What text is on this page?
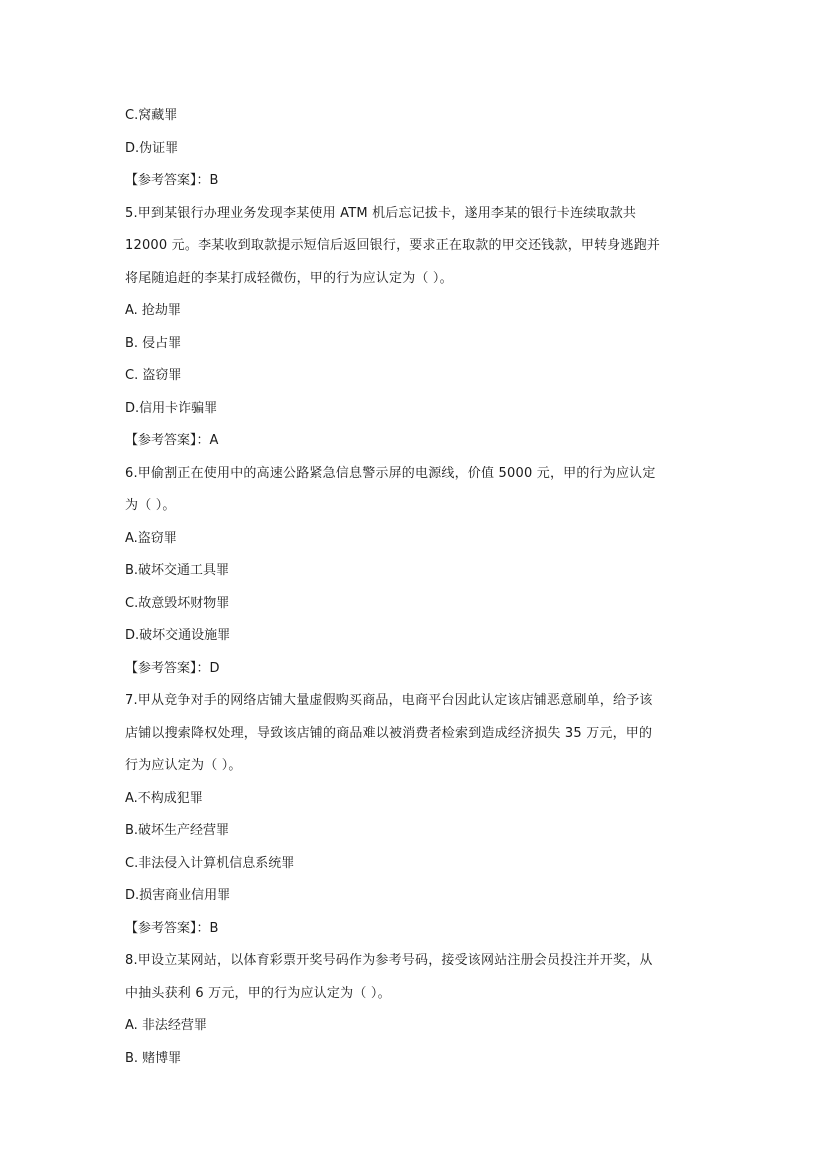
C.窝藏罪
D.伪证罪
【参考答案】：B
5.甲到某银行办理业务发现李某使用 ATM 机后忘记拔卡，遂用李某的银行卡连续取款共
12000 元。李某收到取款提示短信后返回银行，要求正在取款的甲交还钱款，甲转身逃跑并
将尾随追赶的李某打成轻微伤，甲的行为应认定为（ ）。
A. 抢劫罪
B. 侵占罪
C. 盗窃罪
D.信用卡诈骗罪
【参考答案】：A
6.甲偷割正在使用中的高速公路紧急信息警示屏的电源线，价值 5000 元，甲的行为应认定
为（ ）。
A.盗窃罪
B.破坏交通工具罪
C.故意毁坏财物罪
D.破坏交通设施罪
【参考答案】：D
7.甲从竞争对手的网络店铺大量虚假购买商品，电商平台因此认定该店铺恶意刷单，给予该
店铺以搜索降权处理，导致该店铺的商品难以被消费者检索到造成经济损失 35 万元，甲的
行为应认定为（ ）。
A.不构成犯罪
B.破坏生产经营罪
C.非法侵入计算机信息系统罪
D.损害商业信用罪
【参考答案】：B
8.甲设立某网站，以体育彩票开奖号码作为参考号码，接受该网站注册会员投注并开奖，从
中抽头获利 6 万元，甲的行为应认定为（ ）。
A. 非法经营罪
B. 赌博罪
